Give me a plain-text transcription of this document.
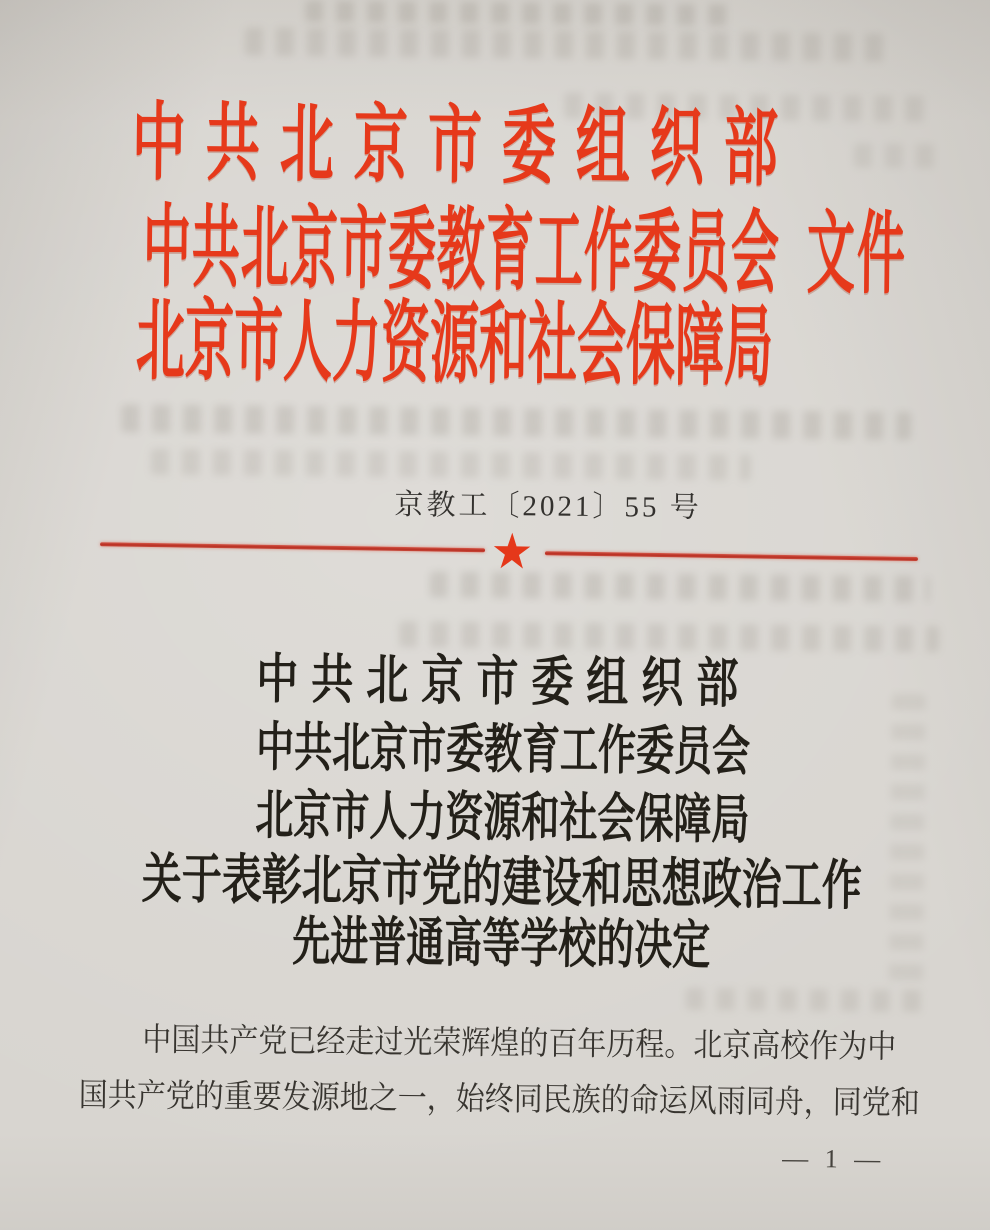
中共北京市委组织部
中共北京市委教育工作委员会 文件
北京市人力资源和社会保障局
京教工〔2021〕55 号
中共北京市委组织部
中共北京市委教育工作委员会
北京市人力资源和社会保障局
关于表彰北京市党的建设和思想政治工作
先进普通高等学校的决定
中国共产党已经走过光荣辉煌的百年历程。北京高校作为中
国共产党的重要发源地之一，始终同民族的命运风雨同舟，同党和
— 1 —
